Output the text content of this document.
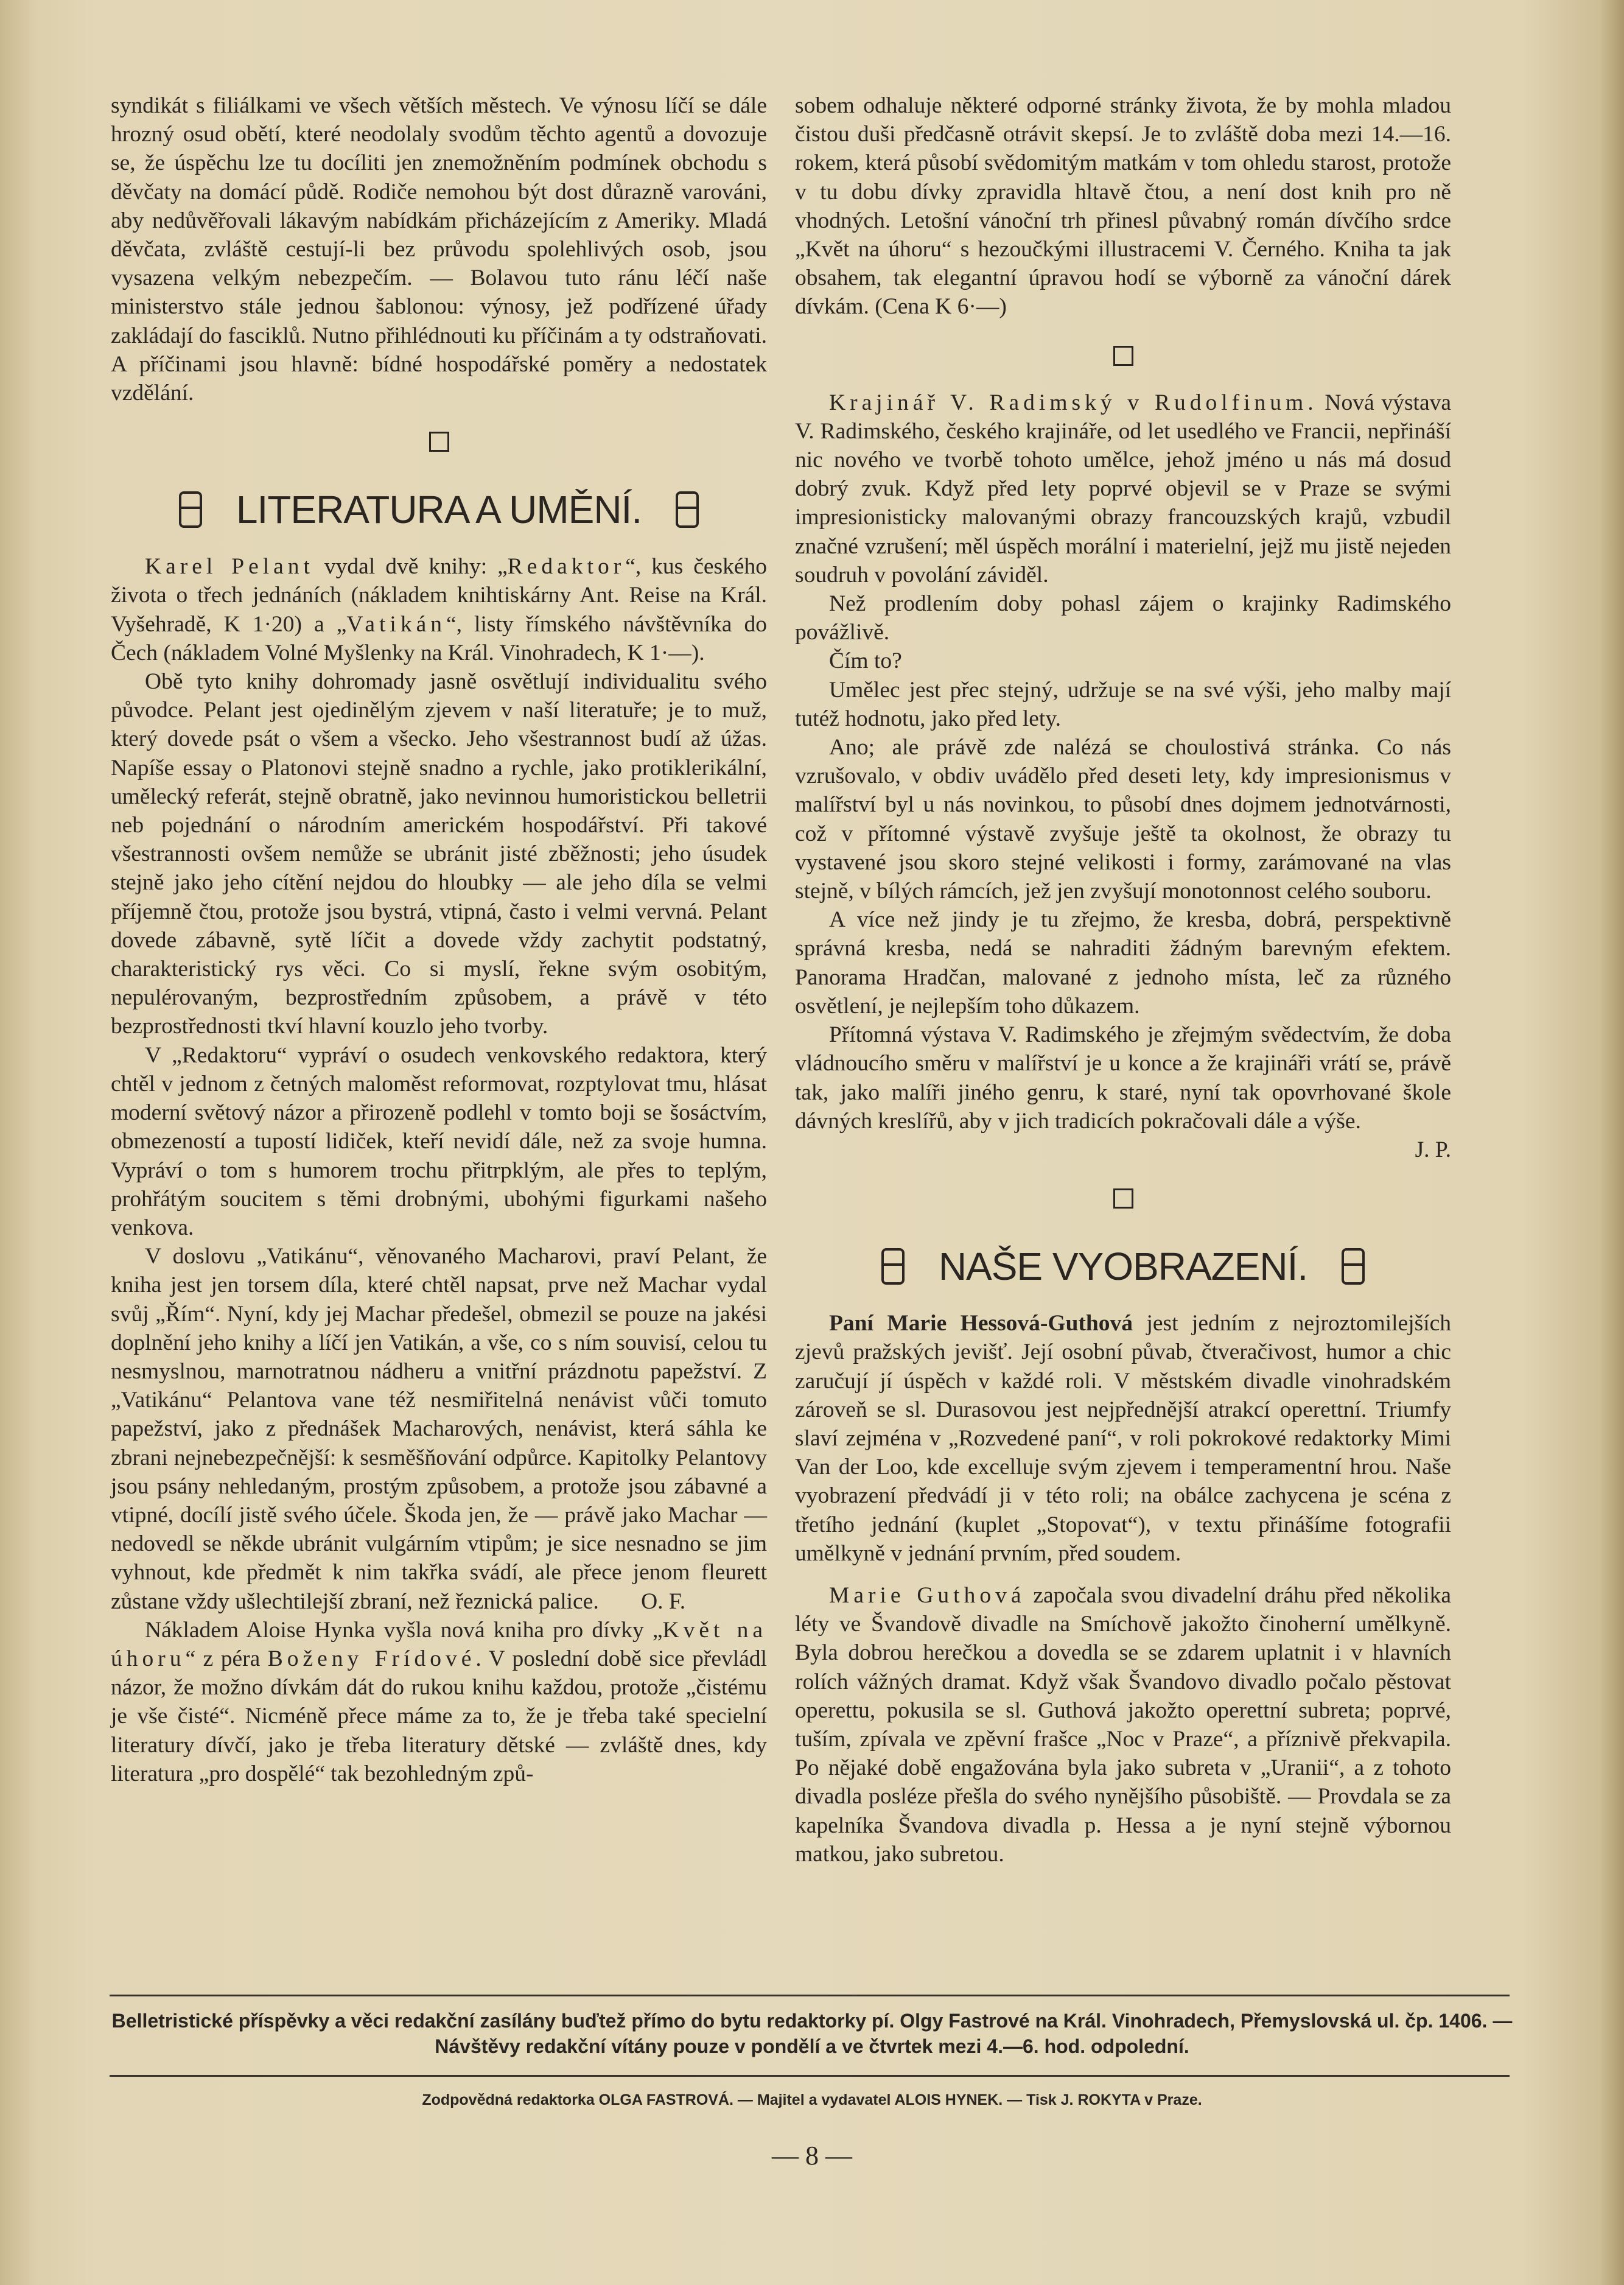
syndikát s filiálkami ve všech větších městech. Ve výnosu líčí se dále hrozný osud obětí, které neodolaly svodům těchto agentů a dovozuje se, že úspěchu lze tu docíliti jen znemožněním podmínek obchodu s děvčaty na domácí půdě. Rodiče nemohou být dost důrazně varováni, aby nedůvěřovali lákavým nabídkám přicházejícím z Ameriky. Mladá děvčata, zvláště cestují-li bez průvodu spolehlivých osob, jsou vysazena velkým nebezpečím. — Bolavou tuto ránu léčí naše ministerstvo stále jednou šablonou: výnosy, jež podřízené úřady zakládají do fasciklů. Nutno přihlédnouti ku příčinám a ty odstraňovati. A příčinami jsou hlavně: bídné hospodářské poměry a nedostatek vzdělání.

LITERATURA A UMĚNÍ.

Karel Pelant vydal dvě knihy: „Redaktor“, kus českého života o třech jednáních (nákladem knihtiskárny Ant. Reise na Král. Vyšehradě, K 1·20) a „Vatikán“, listy římského návštěvníka do Čech (nákladem Volné Myšlenky na Král. Vinohradech, K 1·—).

Obě tyto knihy dohromady jasně osvětlují individualitu svého původce. Pelant jest ojedinělým zjevem v naší literatuře; je to muž, který dovede psát o všem a všecko. Jeho všestrannost budí až úžas. Napíše essay o Platonovi stejně snadno a rychle, jako protiklerikální, umělecký referát, stejně obratně, jako nevinnou humoristickou belletrii neb pojednání o národním americkém hospodářství. Při takové všestrannosti ovšem nemůže se ubránit jisté zběžnosti; jeho úsudek stejně jako jeho cítění nejdou do hloubky — ale jeho díla se velmi příjemně čtou, protože jsou bystrá, vtipná, často i velmi vervná. Pelant dovede zábavně, sytě líčit a dovede vždy zachytit podstatný, charakteristický rys věci. Co si myslí, řekne svým osobitým, nepulérovaným, bezprostředním způsobem, a právě v této bezprostřednosti tkví hlavní kouzlo jeho tvorby.

V „Redaktoru“ vypráví o osudech venkovského redaktora, který chtěl v jednom z četných maloměst reformovat, rozptylovat tmu, hlásat moderní světový názor a přirozeně podlehl v tomto boji se šosáctvím, obmezeností a tupostí lidiček, kteří nevidí dále, než za svoje humna. Vypráví o tom s humorem trochu přitrpklým, ale přes to teplým, prohřátým soucitem s těmi drobnými, ubohými figurkami našeho venkova.

V doslovu „Vatikánu“, věnovaného Macharovi, praví Pelant, že kniha jest jen torsem díla, které chtěl napsat, prve než Machar vydal svůj „Řím“. Nyní, kdy jej Machar předešel, obmezil se pouze na jakési doplnění jeho knihy a líčí jen Vatikán, a vše, co s ním souvisí, celou tu nesmyslnou, marnotratnou nádheru a vnitřní prázdnotu papežství. Z „Vatikánu“ Pelantova vane též nesmiřitelná nenávist vůči tomuto papežství, jako z přednášek Macharových, nenávist, která sáhla ke zbrani nejnebezpečnější: k sesměšňování odpůrce. Kapitolky Pelantovy jsou psány nehledaným, prostým způsobem, a protože jsou zábavné a vtipné, docílí jistě svého účele. Škoda jen, že — právě jako Machar — nedovedl se někde ubránit vulgárním vtipům; je sice nesnadno se jim vyhnout, kde předmět k nim takřka svádí, ale přece jenom fleurett zůstane vždy ušlechtilejší zbraní, než řeznická palice. O. F.

Nákladem Aloise Hynka vyšla nová kniha pro dívky „Květ na úhoru“ z péra Boženy Frídové. V poslední době sice převládl názor, že možno dívkám dát do rukou knihu každou, protože „čistému je vše čisté“. Nicméně přece máme za to, že je třeba také specielní literatury dívčí, jako je třeba literatury dětské — zvláště dnes, kdy literatura „pro dospělé“ tak bezohledným způ-

sobem odhaluje některé odporné stránky života, že by mohla mladou čistou duši předčasně otrávit skepsí. Je to zvláště doba mezi 14.—16. rokem, která působí svědomitým matkám v tom ohledu starost, protože v tu dobu dívky zpravidla hltavě čtou, a není dost knih pro ně vhodných. Letošní vánoční trh přinesl půvabný román dívčího srdce „Květ na úhoru“ s hezoučkými illustracemi V. Černého. Kniha ta jak obsahem, tak elegantní úpravou hodí se výborně za vánoční dárek dívkám. (Cena K 6·—)

Krajinář V. Radimský v Rudolfinum. Nová výstava V. Radimského, českého krajináře, od let usedlého ve Francii, nepřináší nic nového ve tvorbě tohoto umělce, jehož jméno u nás má dosud dobrý zvuk. Když před lety poprvé objevil se v Praze se svými impresionisticky malovanými obrazy francouzských krajů, vzbudil značné vzrušení; měl úspěch morální i materielní, jejž mu jistě nejeden soudruh v povolání záviděl.

Než prodlením doby pohasl zájem o krajinky Radimského povážlivě.

Čím to?

Umělec jest přec stejný, udržuje se na své výši, jeho malby mají tutéž hodnotu, jako před lety.

Ano; ale právě zde nalézá se choulostivá stránka. Co nás vzrušovalo, v obdiv uvádělo před deseti lety, kdy impresionismus v malířství byl u nás novinkou, to působí dnes dojmem jednotvárnosti, což v přítomné výstavě zvyšuje ještě ta okolnost, že obrazy tu vystavené jsou skoro stejné velikosti i formy, zarámované na vlas stejně, v bílých rámcích, jež jen zvyšují monotonnost celého souboru.

A více než jindy je tu zřejmo, že kresba, dobrá, perspektivně správná kresba, nedá se nahraditi žádným barevným efektem. Panorama Hradčan, malované z jednoho místa, leč za různého osvětlení, je nejlepším toho důkazem.

Přítomná výstava V. Radimského je zřejmým svědectvím, že doba vládnoucího směru v malířství je u konce a že krajináři vrátí se, právě tak, jako malíři jiného genru, k staré, nyní tak opovrhované škole dávných kreslířů, aby v jich tradicích pokračovali dále a výše.

J. P.

NAŠE VYOBRAZENÍ.

Paní Marie Hessová-Guthová jest jedním z nejroztomilejších zjevů pražských jevišť. Její osobní půvab, čtveračivost, humor a chic zaručují jí úspěch v každé roli. V městském divadle vinohradském zároveň se sl. Durasovou jest nejpřednější atrakcí operettní. Triumfy slaví zejména v „Rozvedené paní“, v roli pokrokové redaktorky Mimi Van der Loo, kde excelluje svým zjevem i temperamentní hrou. Naše vyobrazení předvádí ji v této roli; na obálce zachycena je scéna z třetího jednání (kuplet „Stopovat“), v textu přinášíme fotografii umělkyně v jednání prvním, před soudem.

Marie Guthová započala svou divadelní dráhu před několika léty ve Švandově divadle na Smíchově jakožto činoherní umělkyně. Byla dobrou herečkou a dovedla se se zdarem uplatnit i v hlavních rolích vážných dramat. Když však Švandovo divadlo počalo pěstovat operettu, pokusila se sl. Guthová jakožto operettní subreta; poprvé, tuším, zpívala ve zpěvní frašce „Noc v Praze“, a příznivě překvapila. Po nějaké době engažována byla jako subreta v „Uranii“, a z tohoto divadla posléze přešla do svého nynějšího působiště. — Provdala se za kapelníka Švandova divadla p. Hessa a je nyní stejně výbornou matkou, jako subretou.

Belletristické příspěvky a věci redakční zasílány buďtež přímo do bytu redaktorky pí. Olgy Fastrové na Král. Vinohradech, Přemyslovská ul. čp. 1406. — Návštěvy redakční vítány pouze v pondělí a ve čtvrtek mezi 4.—6. hod. odpolední.
Zodpovědná redaktorka OLGA FASTROVÁ. — Majitel a vydavatel ALOIS HYNEK. — Tisk J. ROKYTA v Praze.
— 8 —
